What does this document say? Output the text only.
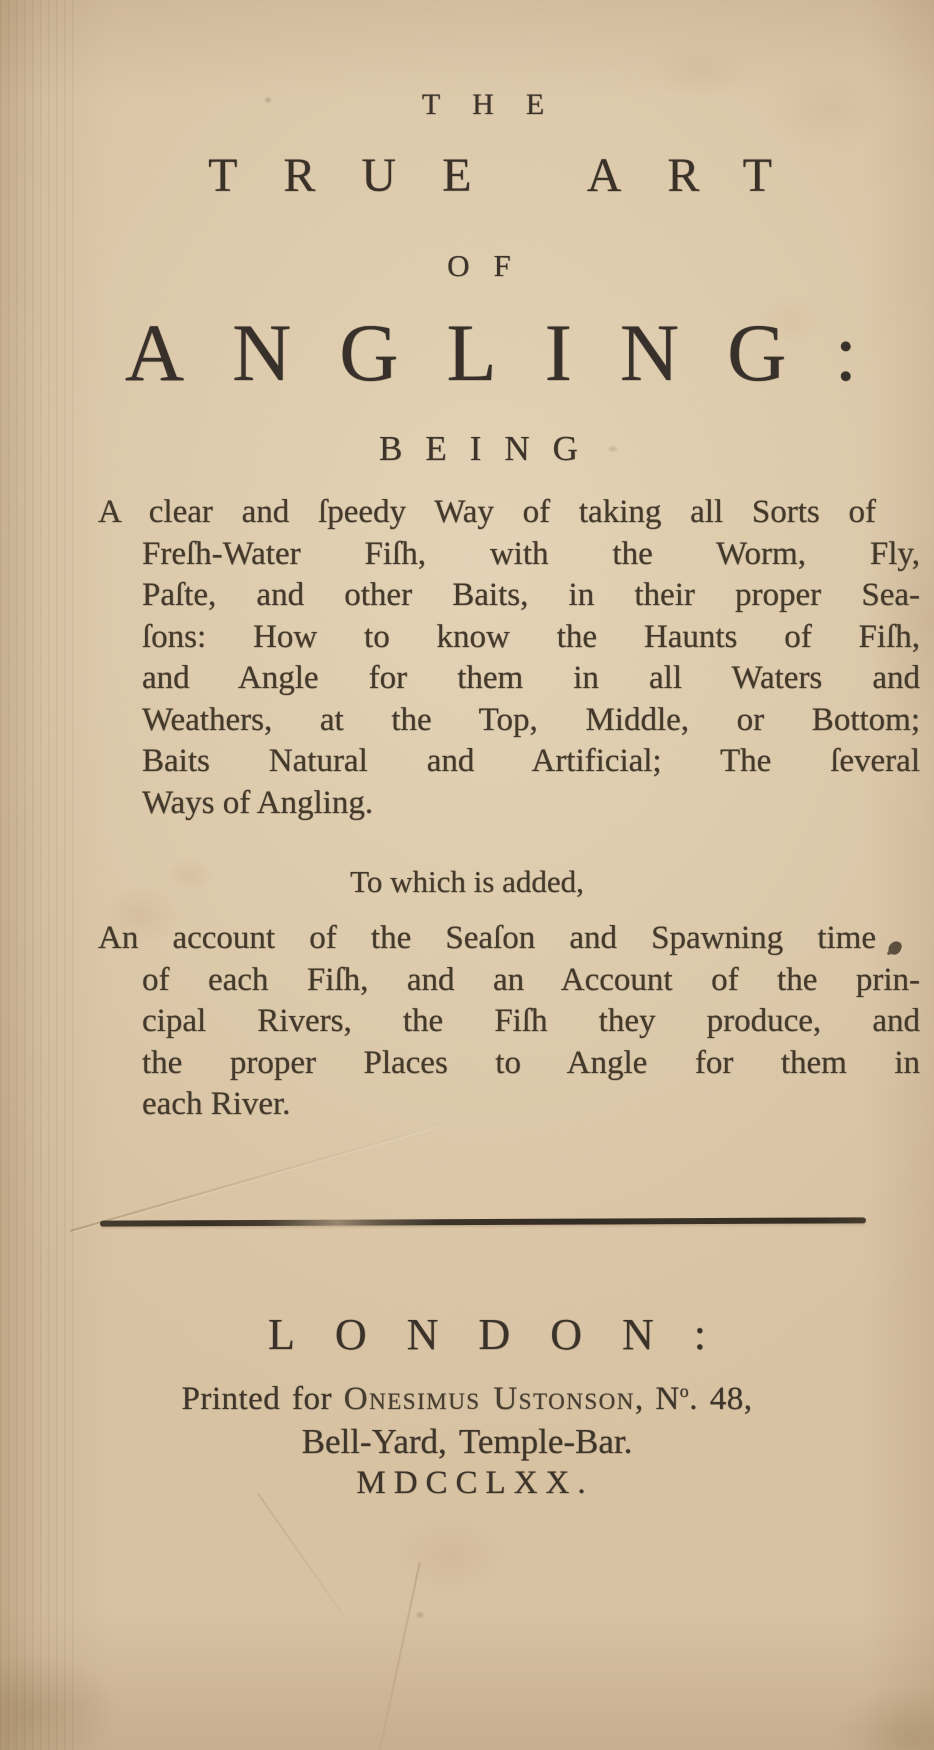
THE
TRUE ART
OF
ANGLING:
BEING
A clear and ſpeedy Way of taking all Sorts of
Freſh-Water Fiſh, with the Worm, Fly,
Paſte, and other Baits, in their proper Sea-
ſons: How to know the Haunts of Fiſh,
and Angle for them in all Waters and
Weathers, at the Top, Middle, or Bottom;
Baits Natural and Artificial; The ſeveral
Ways of Angling.
To which is added,
An account of the Seaſon and Spawning time
of each Fiſh, and an Account of the prin-
cipal Rivers, the Fiſh they produce, and
the proper Places to Angle for them in
each River.
LONDON:
Printed for Onesimus Ustonson, $N^o$. 48,
Bell-Yard, Temple-Bar.
MDCCLXX.
